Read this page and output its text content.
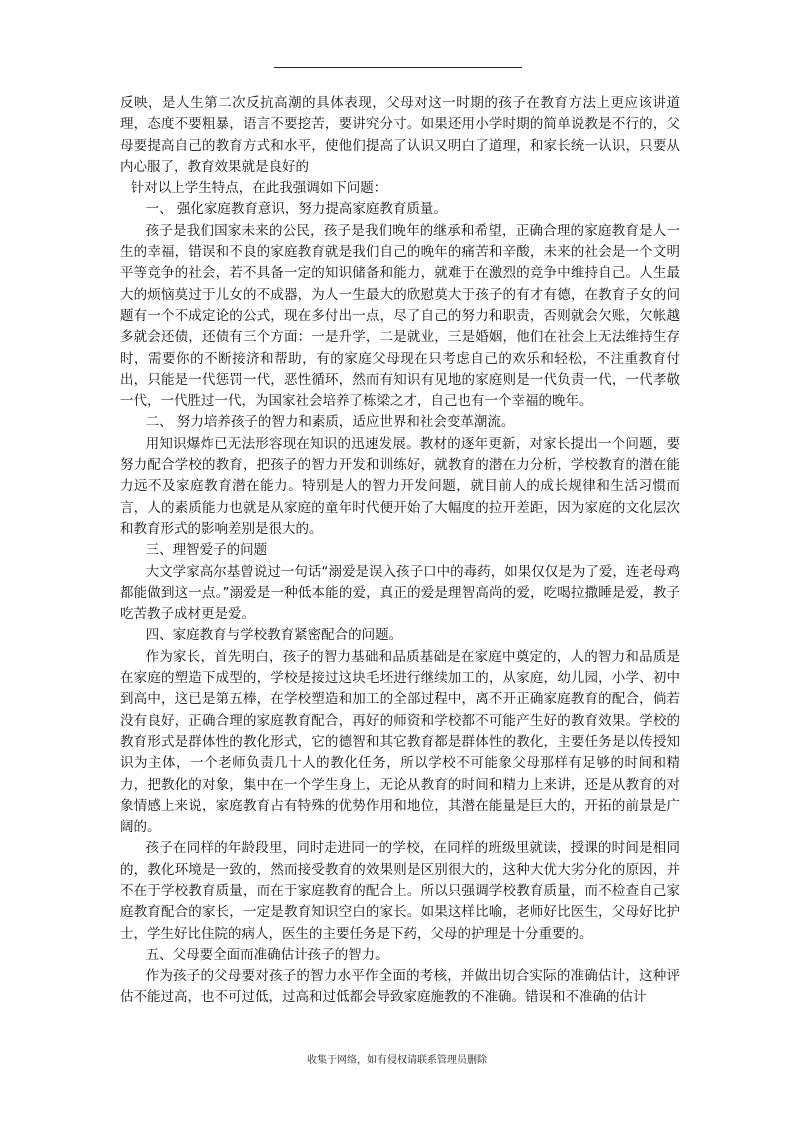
反映，是人生第二次反抗高潮的具体表现，父母对这一时期的孩子在教育方法上更应该讲道理，态度不要粗暴，语言不要挖苦，要讲究分寸。如果还用小学时期的简单说教是不行的，父母要提高自己的教育方式和水平，使他们提高了认识又明白了道理，和家长统一认识，只要从内心服了，教育效果就是良好的

针对以上学生特点，在此我强调如下问题：

一、 强化家庭教育意识，努力提高家庭教育质量。

孩子是我们国家未来的公民，孩子是我们晚年的继承和希望，正确合理的家庭教育是人一生的幸福，错误和不良的家庭教育就是我们自己的晚年的痛苦和辛酸，未来的社会是一个文明平等竞争的社会，若不具备一定的知识储备和能力，就难于在激烈的竞争中维持自己。人生最大的烦恼莫过于儿女的不成器，为人一生最大的欣慰莫大于孩子的有才有德，在教育子女的问题有一个不成定论的公式，现在多付出一点，尽了自己的努力和职责，否则就会欠账，欠帐越多就会还债，还债有三个方面：一是升学，二是就业，三是婚姻，他们在社会上无法维持生存时，需要你的不断接济和帮助，有的家庭父母现在只考虑自己的欢乐和轻松，不注重教育付出，只能是一代惩罚一代，恶性循环，然而有知识有见地的家庭则是一代负责一代，一代孝敬一代，一代胜过一代，为国家社会培养了栋梁之才，自己也有一个幸福的晚年。

二、 努力培养孩子的智力和素质，适应世界和社会变革潮流。

用知识爆炸已无法形容现在知识的迅速发展。教材的逐年更新，对家长提出一个问题，要努力配合学校的教育，把孩子的智力开发和训练好，就教育的潜在力分析，学校教育的潜在能力远不及家庭教育潜在能力。特别是人的智力开发问题，就目前人的成长规律和生活习惯而言，人的素质能力也就是从家庭的童年时代便开始了大幅度的拉开差距，因为家庭的文化层次和教育形式的影响差别是很大的。

三、理智爱子的问题

大文学家高尔基曾说过一句话“溺爱是误入孩子口中的毒药，如果仅仅是为了爱，连老母鸡都能做到这一点。”溺爱是一种低本能的爱，真正的爱是理智高尚的爱，吃喝拉撒睡是爱，教子吃苦教子成材更是爱。

四、家庭教育与学校教育紧密配合的问题。

作为家长，首先明白，孩子的智力基础和品质基础是在家庭中奠定的，人的智力和品质是在家庭的塑造下成型的，学校是接过这块毛坯进行继续加工的，从家庭，幼儿园，小学、初中到高中，这已是第五棒，在学校塑造和加工的全部过程中，离不开正确家庭教育的配合，倘若没有良好，正确合理的家庭教育配合，再好的师资和学校都不可能产生好的教育效果。学校的教育形式是群体性的教化形式，它的德智和其它教育都是群体性的教化，主要任务是以传授知识为主体，一个老师负责几十人的教化任务，所以学校不可能象父母那样有足够的时间和精力，把教化的对象，集中在一个学生身上，无论从教育的时间和精力上来讲，还是从教育的对象情感上来说，家庭教育占有特殊的优势作用和地位，其潜在能量是巨大的，开拓的前景是广阔的。

孩子在同样的年龄段里，同时走进同一的学校，在同样的班级里就读，授课的时间是相同的，教化环境是一致的，然而接受教育的效果则是区别很大的，这种大优大劣分化的原因，并不在于学校教育质量，而在于家庭教育的配合上。所以只强调学校教育质量，而不检查自己家庭教育配合的家长，一定是教育知识空白的家长。如果这样比喻，老师好比医生，父母好比护士，学生好比住院的病人，医生的主要任务是下药，父母的护理是十分重要的。

五、父母要全面而准确估计孩子的智力。

作为孩子的父母要对孩子的智力水平作全面的考核，并做出切合实际的准确估计，这种评估不能过高，也不可过低，过高和过低都会导致家庭施教的不准确。错误和不准确的估计

收集于网络，如有侵权请联系管理员删除
